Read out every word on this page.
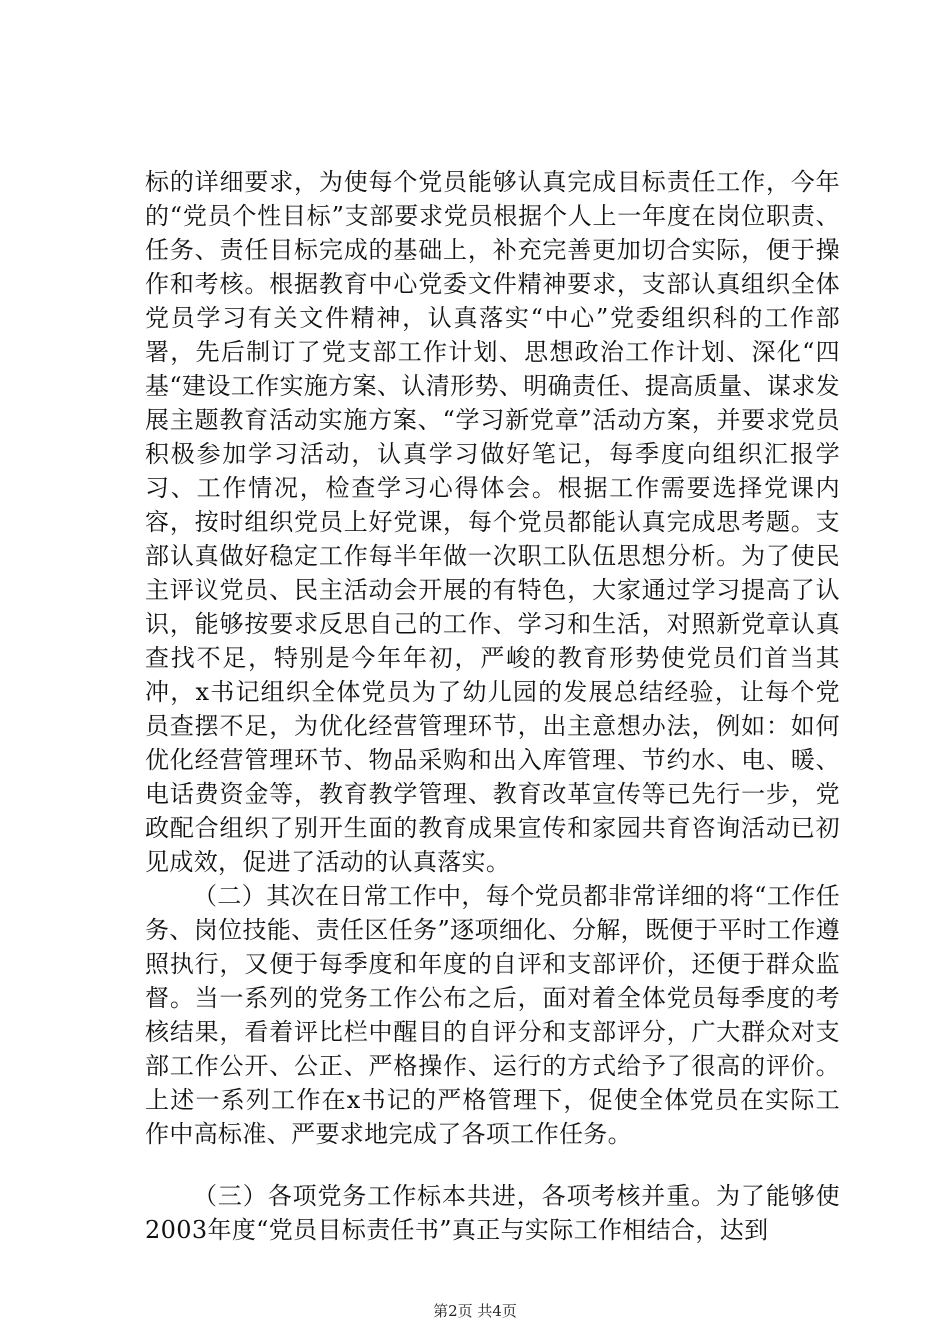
标的详细要求，为使每个党员能够认真完成目标责任工作，今年的“党员个性目标”支部要求党员根据个人上一年度在岗位职责、任务、责任目标完成的基础上，补充完善更加切合实际，便于操作和考核。根据教育中心党委文件精神要求，支部认真组织全体党员学习有关文件精神，认真落实“中心”党委组织科的工作部署，先后制订了党支部工作计划、思想政治工作计划、深化“四基“建设工作实施方案、认清形势、明确责任、提高质量、谋求发展主题教育活动实施方案、“学习新党章”活动方案，并要求党员积极参加学习活动，认真学习做好笔记，每季度向组织汇报学习、工作情况，检查学习心得体会。根据工作需要选择党课内容，按时组织党员上好党课，每个党员都能认真完成思考题。支部认真做好稳定工作每半年做一次职工队伍思想分析。为了使民主评议党员、民主活动会开展的有特色，大家通过学习提高了认识，能够按要求反思自己的工作、学习和生活，对照新党章认真查找不足，特别是今年年初，严峻的教育形势使党员们首当其冲，x书记组织全体党员为了幼儿园的发展总结经验，让每个党员查摆不足，为优化经营管理环节，出主意想办法，例如：如何优化经营管理环节、物品采购和出入库管理、节约水、电、暖、电话费资金等，教育教学管理、教育改革宣传等已先行一步，党政配合组织了别开生面的教育成果宣传和家园共育咨询活动已初见成效，促进了活动的认真落实。

（二）其次在日常工作中，每个党员都非常详细的将“工作任务、岗位技能、责任区任务”逐项细化、分解，既便于平时工作遵照执行，又便于每季度和年度的自评和支部评价，还便于群众监督。当一系列的党务工作公布之后，面对着全体党员每季度的考核结果，看着评比栏中醒目的自评分和支部评分，广大群众对支部工作公开、公正、严格操作、运行的方式给予了很高的评价。上述一系列工作在x书记的严格管理下，促使全体党员在实际工作中高标准、严要求地完成了各项工作任务。

（三）各项党务工作标本共进，各项考核并重。为了能够使2003年度“党员目标责任书”真正与实际工作相结合，达到

第2页 共4页
